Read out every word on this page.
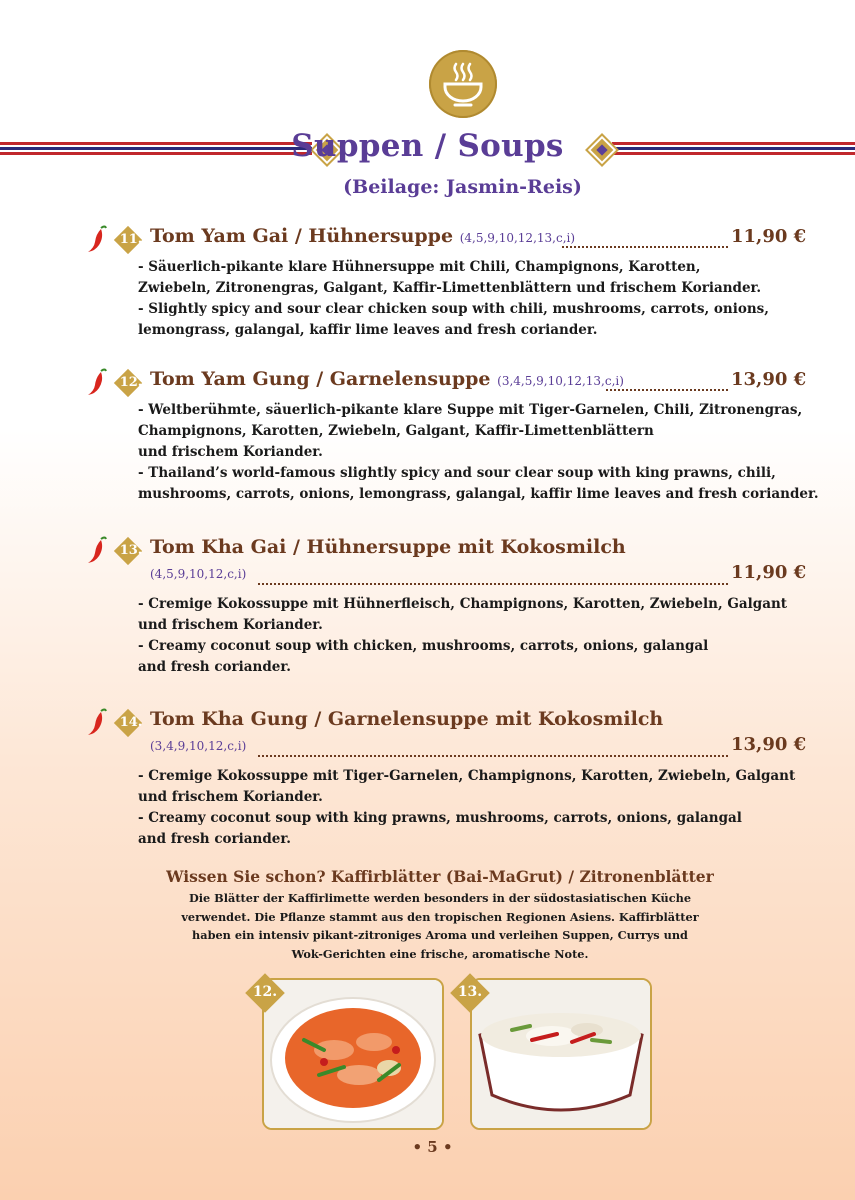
Suppen / Soups
(Beilage: Jasmin-Reis)
11. Tom Yam Gai / Hühnersuppe (4,5,9,10,12,13,c,i)	11,90 €

- Säuerlich-pikante klare Hühnersuppe mit Chili, Champignons, Karotten,
Zwiebeln, Zitronengras, Galgant, Kaffir-Limettenblättern und frischem Koriander.

- Slightly spicy and sour clear chicken soup with chili, mushrooms, carrots, onions,
lemongrass, galangal, kaffir lime leaves and fresh coriander.

12. Tom Yam Gung / Garnelensuppe (3,4,5,9,10,12,13,c,i)	13,90 €

- Weltberühmte, säuerlich-pikante klare Suppe mit Tiger-Garnelen, Chili, Zitronengras,
Champignons, Karotten, Zwiebeln, Galgant, Kaffir-Limettenblättern
und frischem Koriander.

- Thailand’s world-famous slightly spicy and sour clear soup with king prawns, chili,
mushrooms, carrots, onions, lemongrass, galangal, kaffir lime leaves and fresh coriander.

13. Tom Kha Gai / Hühnersuppe mit Kokosmilch
(4,5,9,10,12,c,i)	11,90 €

- Cremige Kokossuppe mit Hühnerfleisch, Champignons, Karotten, Zwiebeln, Galgant
und frischem Koriander.

- Creamy coconut soup with chicken, mushrooms, carrots, onions, galangal
and fresh coriander.

14. Tom Kha Gung / Garnelensuppe mit Kokosmilch
(3,4,9,10,12,c,i)	13,90 €

- Cremige Kokossuppe mit Tiger-Garnelen, Champignons, Karotten, Zwiebeln, Galgant
und frischem Koriander.

- Creamy coconut soup with king prawns, mushrooms, carrots, onions, galangal
and fresh coriander.

Wissen Sie schon? Kaffirblätter (Bai-MaGrut) / Zitronenblätter
Die Blätter der Kaffirlimette werden besonders in der südostasiatischen Küche
verwendet. Die Pflanze stammt aus den tropischen Regionen Asiens. Kaffirblätter
haben ein intensiv pikant-zitroniges Aroma und verleihen Suppen, Currys und
Wok-Gerichten eine frische, aromatische Note.
12.	13.
• 5 •
